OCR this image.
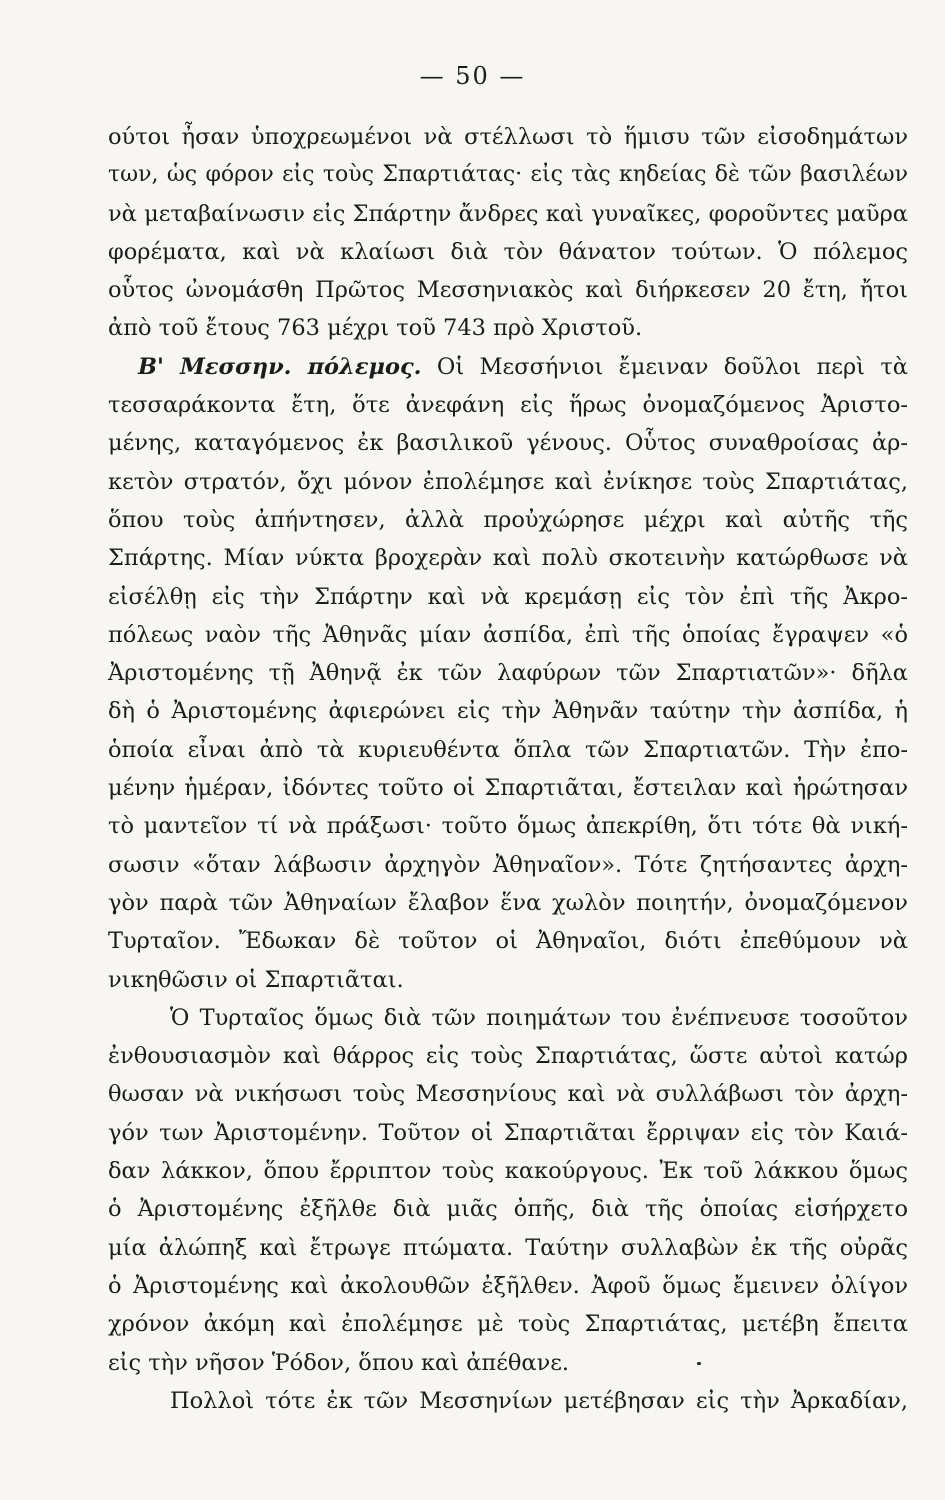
— 50 —
ούτοι ἦσαν ὑποχρεωμένοι νὰ στέλλωσι τὸ ἥμισυ τῶν εἰσοδημάτων
των, ὡς φόρον εἰς τοὺς Σπαρτιάτας· εἰς τὰς κηδείας δὲ τῶν βασιλέων
νὰ μεταβαίνωσιν εἰς Σπάρτην ἄνδρες καὶ γυναῖκες, φοροῦντες μαῦρα
φορέματα, καὶ νὰ κλαίωσι διὰ τὸν θάνατον τούτων. Ὁ πόλεμος
οὗτος ὠνομάσθη Πρῶτος Μεσσηνιακὸς καὶ διήρκεσεν 20 ἔτη, ἤτοι
ἀπὸ τοῦ ἔτους 763 μέχρι τοῦ 743 πρὸ Χριστοῦ.
Β' Μεσσην. πόλεμος. Οἱ Μεσσήνιοι ἔμειναν δοῦλοι περὶ τὰ
τεσσαράκοντα ἔτη, ὅτε ἀνεφάνη εἰς ἥρως ὀνομαζόμενος Ἀριστο-
μένης, καταγόμενος ἐκ βασιλικοῦ γένους. Οὗτος συναθροίσας ἀρ-
κετὸν στρατόν, ὄχι μόνον ἐπολέμησε καὶ ἐνίκησε τοὺς Σπαρτιάτας,
ὅπου τοὺς ἀπήντησεν, ἀλλὰ προὐχώρησε μέχρι καὶ αὐτῆς τῆς
Σπάρτης. Μίαν νύκτα βροχερὰν καὶ πολὺ σκοτεινὴν κατώρθωσε νὰ
εἰσέλθῃ εἰς τὴν Σπάρτην καὶ νὰ κρεμάσῃ εἰς τὸν ἐπὶ τῆς Ἀκρο-
πόλεως ναὸν τῆς Ἀθηνᾶς μίαν ἀσπίδα, ἐπὶ τῆς ὁποίας ἔγραψεν «ὁ
Ἀριστομένης τῇ Ἀθηνᾷ ἐκ τῶν λαφύρων τῶν Σπαρτιατῶν»· δῆλα
δὴ ὁ Ἀριστομένης ἀφιερώνει εἰς τὴν Ἀθηνᾶν ταύτην τὴν ἀσπίδα, ἡ
ὁποία εἶναι ἀπὸ τὰ κυριευθέντα ὅπλα τῶν Σπαρτιατῶν. Τὴν ἐπο-
μένην ἡμέραν, ἰδόντες τοῦτο οἱ Σπαρτιᾶται, ἔστειλαν καὶ ἠρώτησαν
τὸ μαντεῖον τί νὰ πράξωσι· τοῦτο ὅμως ἀπεκρίθη, ὅτι τότε θὰ νική-
σωσιν «ὅταν λάβωσιν ἀρχηγὸν Ἀθηναῖον». Τότε ζητήσαντες ἀρχη-
γὸν παρὰ τῶν Ἀθηναίων ἔλαβον ἕνα χωλὸν ποιητήν, ὀνομαζόμενον
Τυρταῖον. Ἔδωκαν δὲ τοῦτον οἱ Ἀθηναῖοι, διότι ἐπεθύμουν νὰ
νικηθῶσιν οἱ Σπαρτιᾶται.
Ὁ Τυρταῖος ὅμως διὰ τῶν ποιημάτων του ἐνέπνευσε τοσοῦτον
ἐνθουσιασμὸν καὶ θάρρος εἰς τοὺς Σπαρτιάτας, ὥστε αὐτοὶ κατώρ
θωσαν νὰ νικήσωσι τοὺς Μεσσηνίους καὶ νὰ συλλάβωσι τὸν ἀρχη-
γόν των Ἀριστομένην. Τοῦτον οἱ Σπαρτιᾶται ἔρριψαν εἰς τὸν Καιά-
δαν λάκκον, ὅπου ἔρριπτον τοὺς κακούργους. Ἐκ τοῦ λάκκου ὅμως
ὁ Ἀριστομένης ἐξῆλθε διὰ μιᾶς ὀπῆς, διὰ τῆς ὁποίας εἰσήρχετο
μία ἀλώπηξ καὶ ἔτρωγε πτώματα. Ταύτην συλλαβὼν ἐκ τῆς οὐρᾶς
ὁ Ἀριστομένης καὶ ἀκολουθῶν ἐξῆλθεν. Ἀφοῦ ὅμως ἔμεινεν ὀλίγον
χρόνον ἀκόμη καὶ ἐπολέμησε μὲ τοὺς Σπαρτιάτας, μετέβη ἔπειτα
εἰς τὴν νῆσον Ῥόδον, ὅπου καὶ ἀπέθανε.
Πολλοὶ τότε ἐκ τῶν Μεσσηνίων μετέβησαν εἰς τὴν Ἀρκαδίαν,
